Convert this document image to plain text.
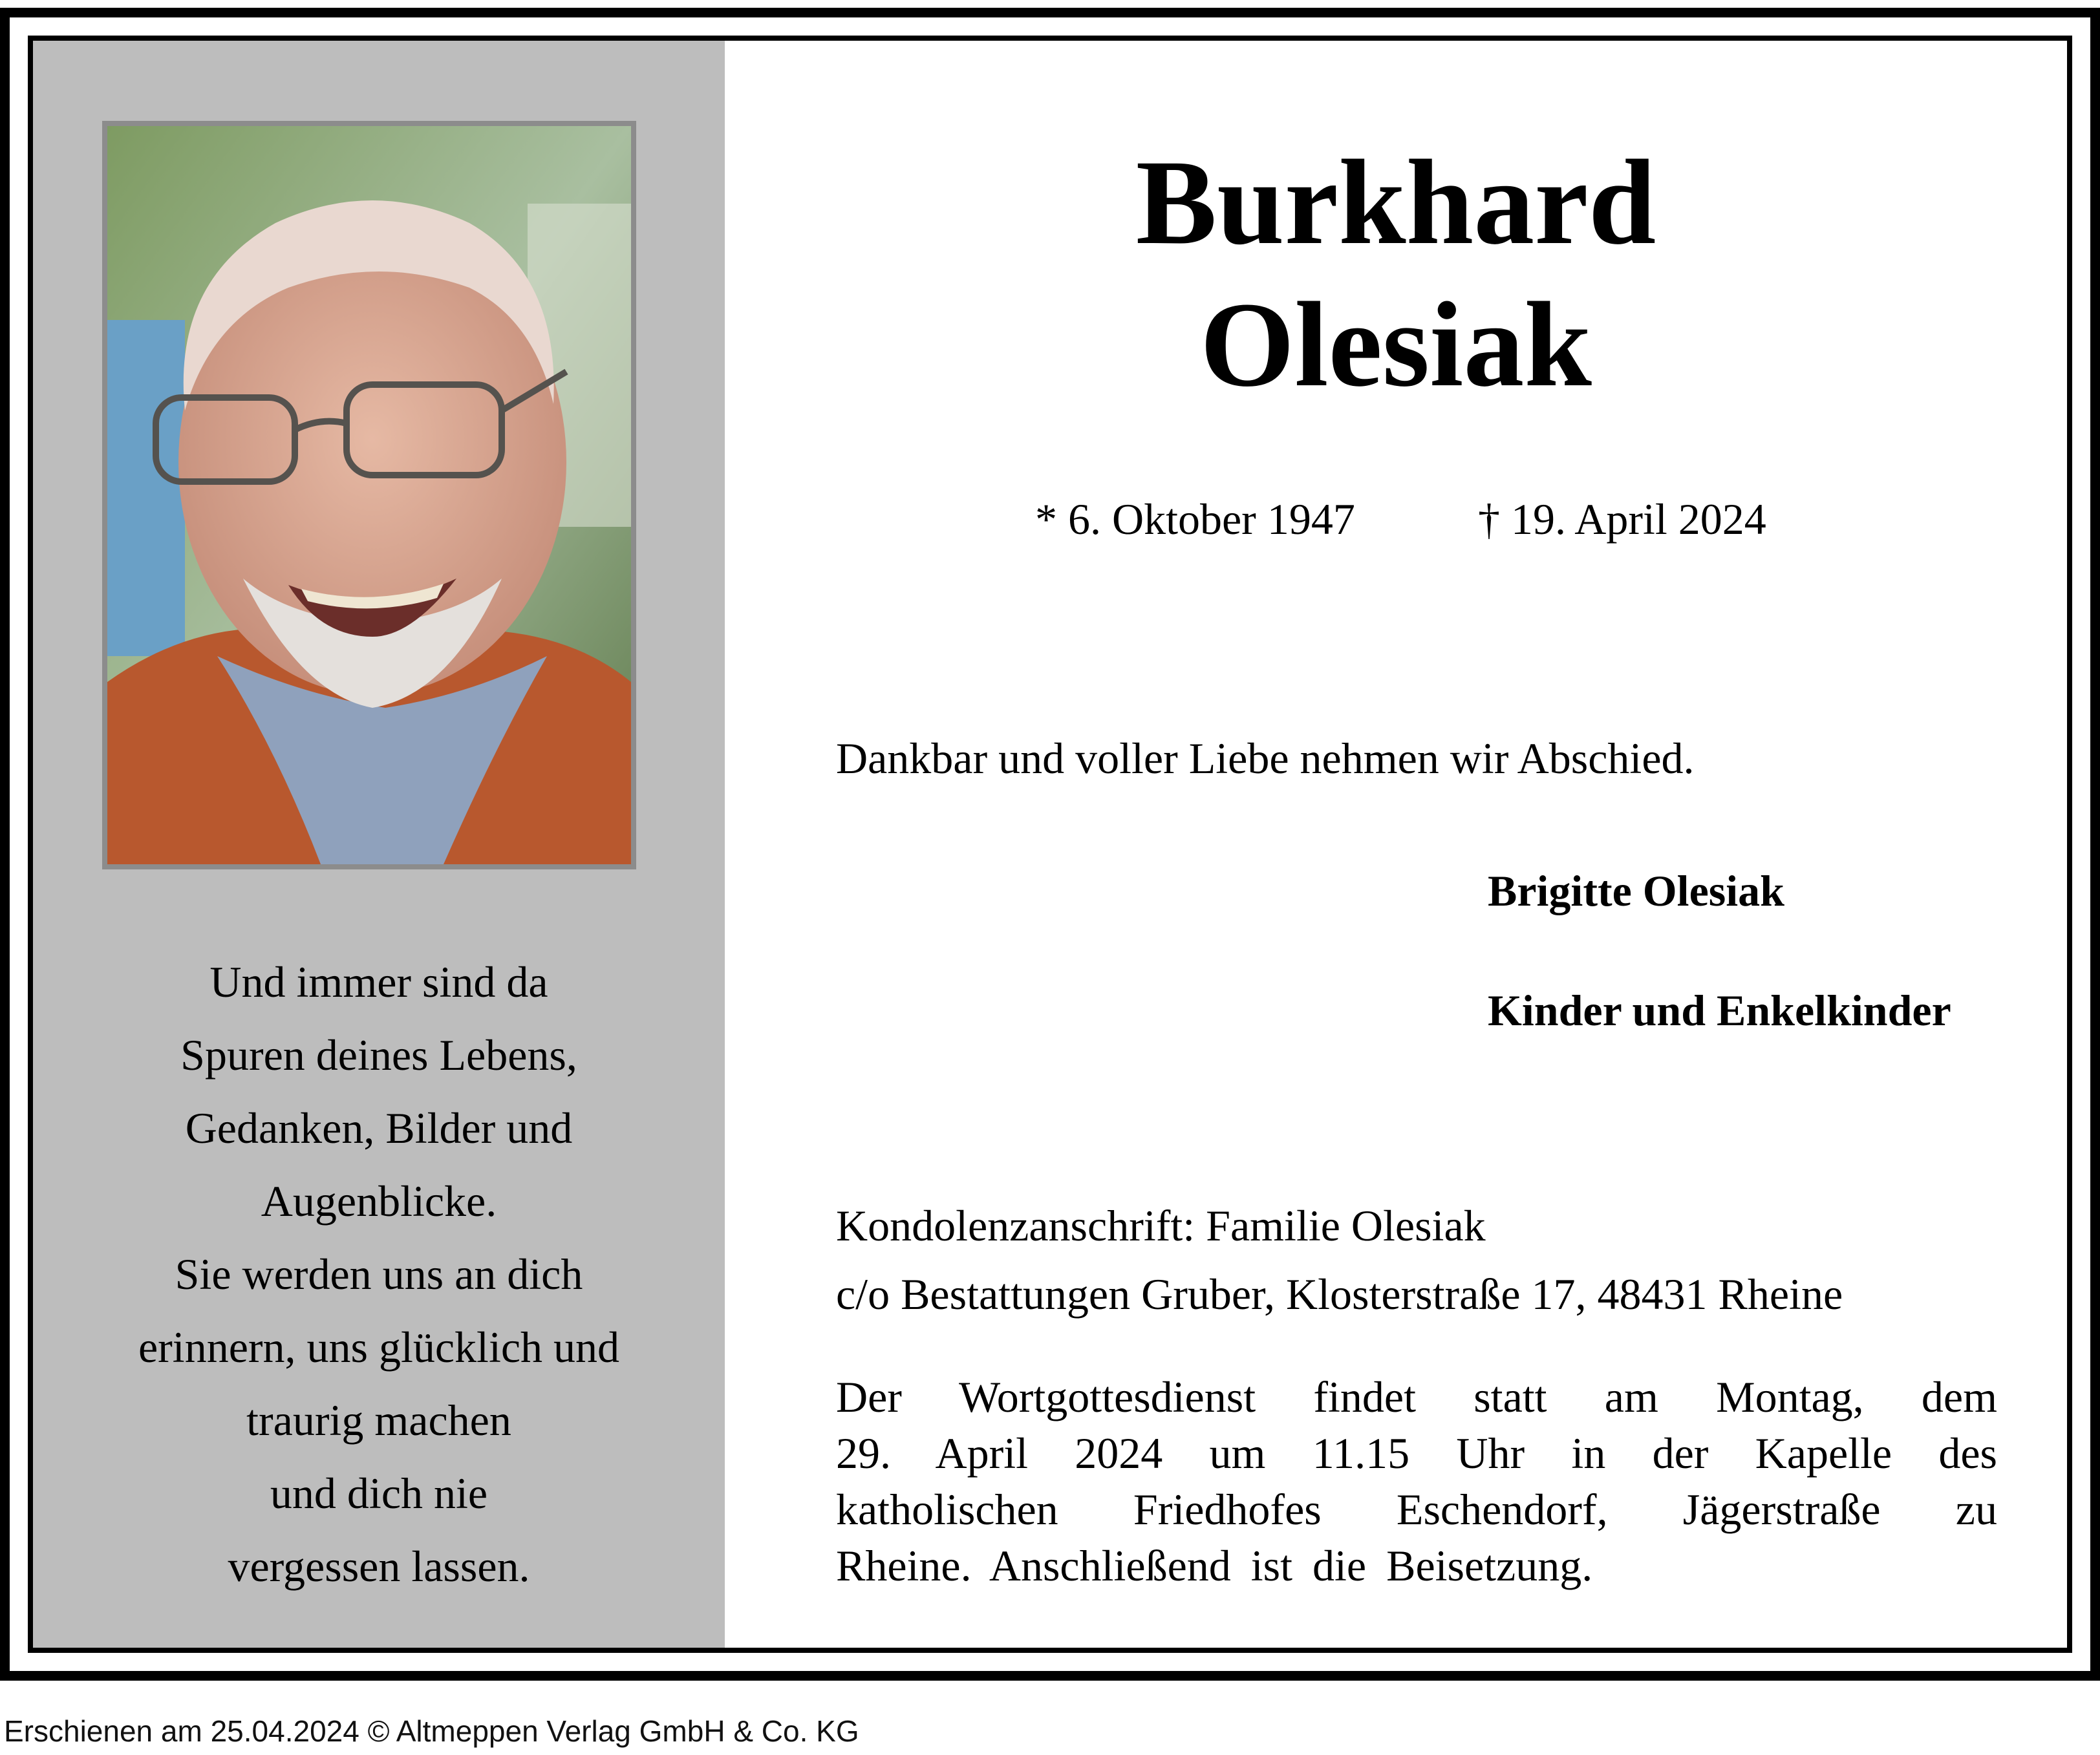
Und immer sind da
Spuren deines Lebens,
Gedanken, Bilder und
Augenblicke.
Sie werden uns an dich
erinnern, uns glücklich und
traurig machen
und dich nie
vergessen lassen.
Burkhard
Olesiak
* 6. Oktober 1947	† 19. April 2024
Dankbar und voller Liebe nehmen wir Abschied.
Brigitte Olesiak
Kinder und Enkelkinder
Kondolenzanschrift: Familie Olesiak
c/o Bestattungen Gruber, Klosterstraße 17, 48431 Rheine
Der Wortgottesdienst findet statt am Montag, dem
29. April 2024 um 11.15 Uhr in der Kapelle des
katholischen Friedhofes Eschendorf, Jägerstraße zu
Rheine. Anschließend ist die Beisetzung.
Erschienen am 25.04.2024 © Altmeppen Verlag GmbH & Co. KG
